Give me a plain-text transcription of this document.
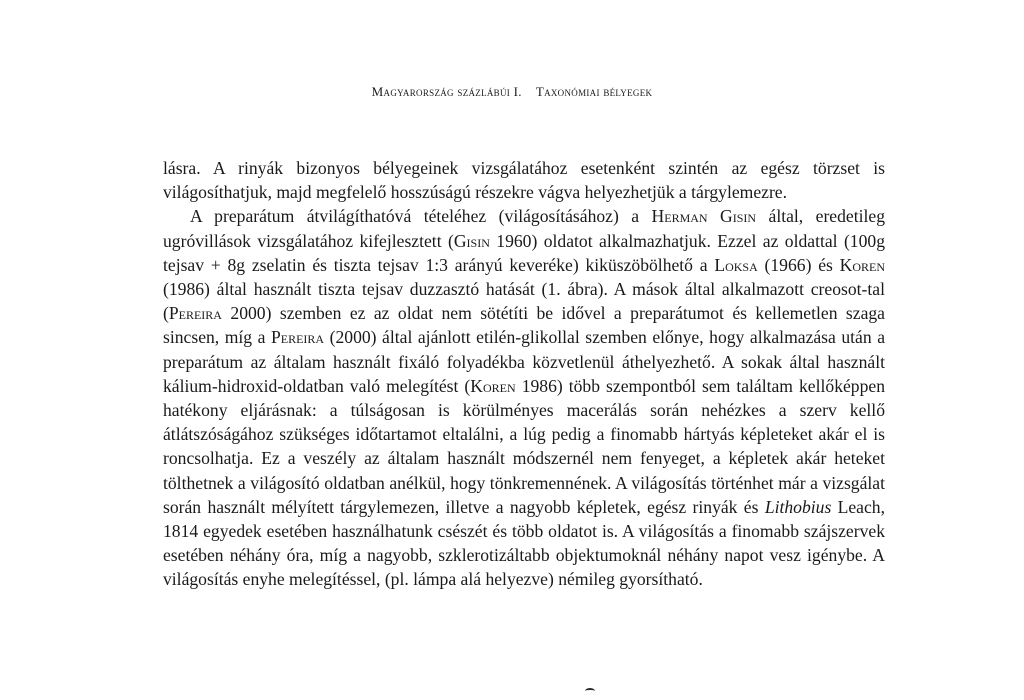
Magyarország százlábúi I. Taxonómiai bélyegek

lásra. A rinyák bizonyos bélyegeinek vizsgálatához esetenként szintén az egész törzset is világosíthatjuk, majd megfelelő hosszúságú részekre vágva helyezhetjük a tárgylemezre.

A preparátum átvilágíthatóvá tételéhez (világosításához) a Herman Gisin által, eredetileg ugróvillások vizsgálatához kifejlesztett (Gisin 1960) oldatot alkalmazhatjuk. Ezzel az oldattal (100g tejsav + 8g zselatin és tiszta tejsav 1:3 arányú keveréke) kiküszöbölhető a Loksa (1966) és Koren (1986) által használt tiszta tejsav duzzasztó hatását (1. ábra). A mások által alkalmazott creosot-tal (Pereira 2000) szemben ez az oldat nem sötétíti be idővel a preparátumot és kellemetlen szaga sincsen, míg a Pereira (2000) által ajánlott etilén-glikollal szemben előnye, hogy alkalmazása után a preparátum az általam használt fixáló folyadékba közvetlenül áthelyezhető. A sokak által használt kálium-hidroxid-oldatban való melegítést (Koren 1986) több szempontból sem találtam kellőképpen hatékony eljárásnak: a túlságosan is körülményes macerálás során nehézkes a szerv kellő átlátszóságához szükséges időtartamot eltalálni, a lúg pedig a finomabb hártyás képleteket akár el is roncsolhatja. Ez a veszély az általam használt módszernél nem fenyeget, a képletek akár heteket tölthetnek a világosító oldatban anélkül, hogy tönkremennének. A világosítás történhet már a vizsgálat során használt mélyített tárgylemezen, illetve a nagyobb képletek, egész rinyák és Lithobius Leach, 1814 egyedek esetében használhatunk csészét és több oldatot is. A világosítás a finomabb szájszervek esetében néhány óra, míg a nagyobb, szklerotizáltabb objektumoknál néhány napot vesz igénybe. A világosítás enyhe melegítéssel, (pl. lámpa alá helyezve) némileg gyorsítható.
